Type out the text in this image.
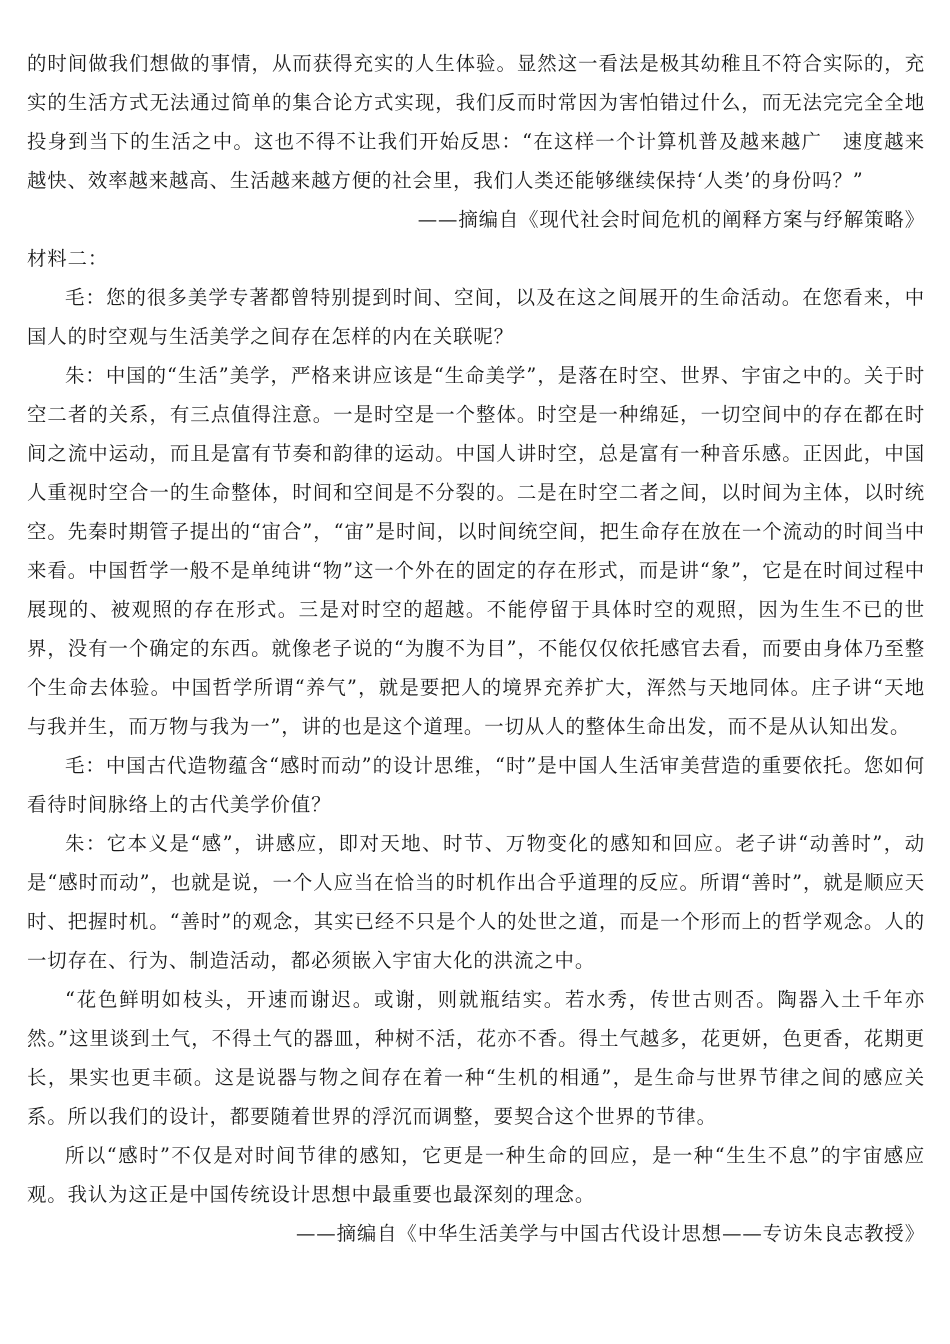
的时间做我们想做的事情，从而获得充实的人生体验。显然这一看法是极其幼稚且不符合实际的，充实的生活方式无法通过简单的集合论方式实现，我们反而时常因为害怕错过什么，而无法完完全全地投身到当下的生活之中。这也不得不让我们开始反思：“在这样一个计算机普及越来越广　速度越来越快、效率越来越高、生活越来越方便的社会里，我们人类还能够继续保持‘人类’的身份吗？”

——摘编自《现代社会时间危机的阐释方案与纾解策略》

材料二：

毛：您的很多美学专著都曾特别提到时间、空间，以及在这之间展开的生命活动。在您看来，中国人的时空观与生活美学之间存在怎样的内在关联呢？

朱：中国的“生活”美学，严格来讲应该是“生命美学”，是落在时空、世界、宇宙之中的。关于时空二者的关系，有三点值得注意。一是时空是一个整体。时空是一种绵延，一切空间中的存在都在时间之流中运动，而且是富有节奏和韵律的运动。中国人讲时空，总是富有一种音乐感。正因此，中国人重视时空合一的生命整体，时间和空间是不分裂的。二是在时空二者之间，以时间为主体，以时统空。先秦时期管子提出的“宙合”，“宙”是时间，以时间统空间，把生命存在放在一个流动的时间当中来看。中国哲学一般不是单纯讲“物”这一个外在的固定的存在形式，而是讲“象”，它是在时间过程中展现的、被观照的存在形式。三是对时空的超越。不能停留于具体时空的观照，因为生生不已的世界，没有一个确定的东西。就像老子说的“为腹不为目”，不能仅仅依托感官去看，而要由身体乃至整个生命去体验。中国哲学所谓“养气”，就是要把人的境界充养扩大，浑然与天地同体。庄子讲“天地与我并生，而万物与我为一”，讲的也是这个道理。一切从人的整体生命出发，而不是从认知出发。

毛：中国古代造物蕴含“感时而动”的设计思维，“时”是中国人生活审美营造的重要依托。您如何看待时间脉络上的古代美学价值？

朱：它本义是“感”，讲感应，即对天地、时节、万物变化的感知和回应。老子讲“动善时”，动是“感时而动”，也就是说，一个人应当在恰当的时机作出合乎道理的反应。所谓“善时”，就是顺应天时、把握时机。“善时”的观念，其实已经不只是个人的处世之道，而是一个形而上的哲学观念。人的一切存在、行为、制造活动，都必须嵌入宇宙大化的洪流之中。

“花色鲜明如枝头，开速而谢迟。或谢，则就瓶结实。若水秀，传世古则否。陶器入土千年亦然。”这里谈到土气，不得土气的器皿，种树不活，花亦不香。得土气越多，花更妍，色更香，花期更长，果实也更丰硕。这是说器与物之间存在着一种“生机的相通”，是生命与世界节律之间的感应关系。所以我们的设计，都要随着世界的浮沉而调整，要契合这个世界的节律。

所以“感时”不仅是对时间节律的感知，它更是一种生命的回应，是一种“生生不息”的宇宙感应观。我认为这正是中国传统设计思想中最重要也最深刻的理念。

——摘编自《中华生活美学与中国古代设计思想——专访朱良志教授》
